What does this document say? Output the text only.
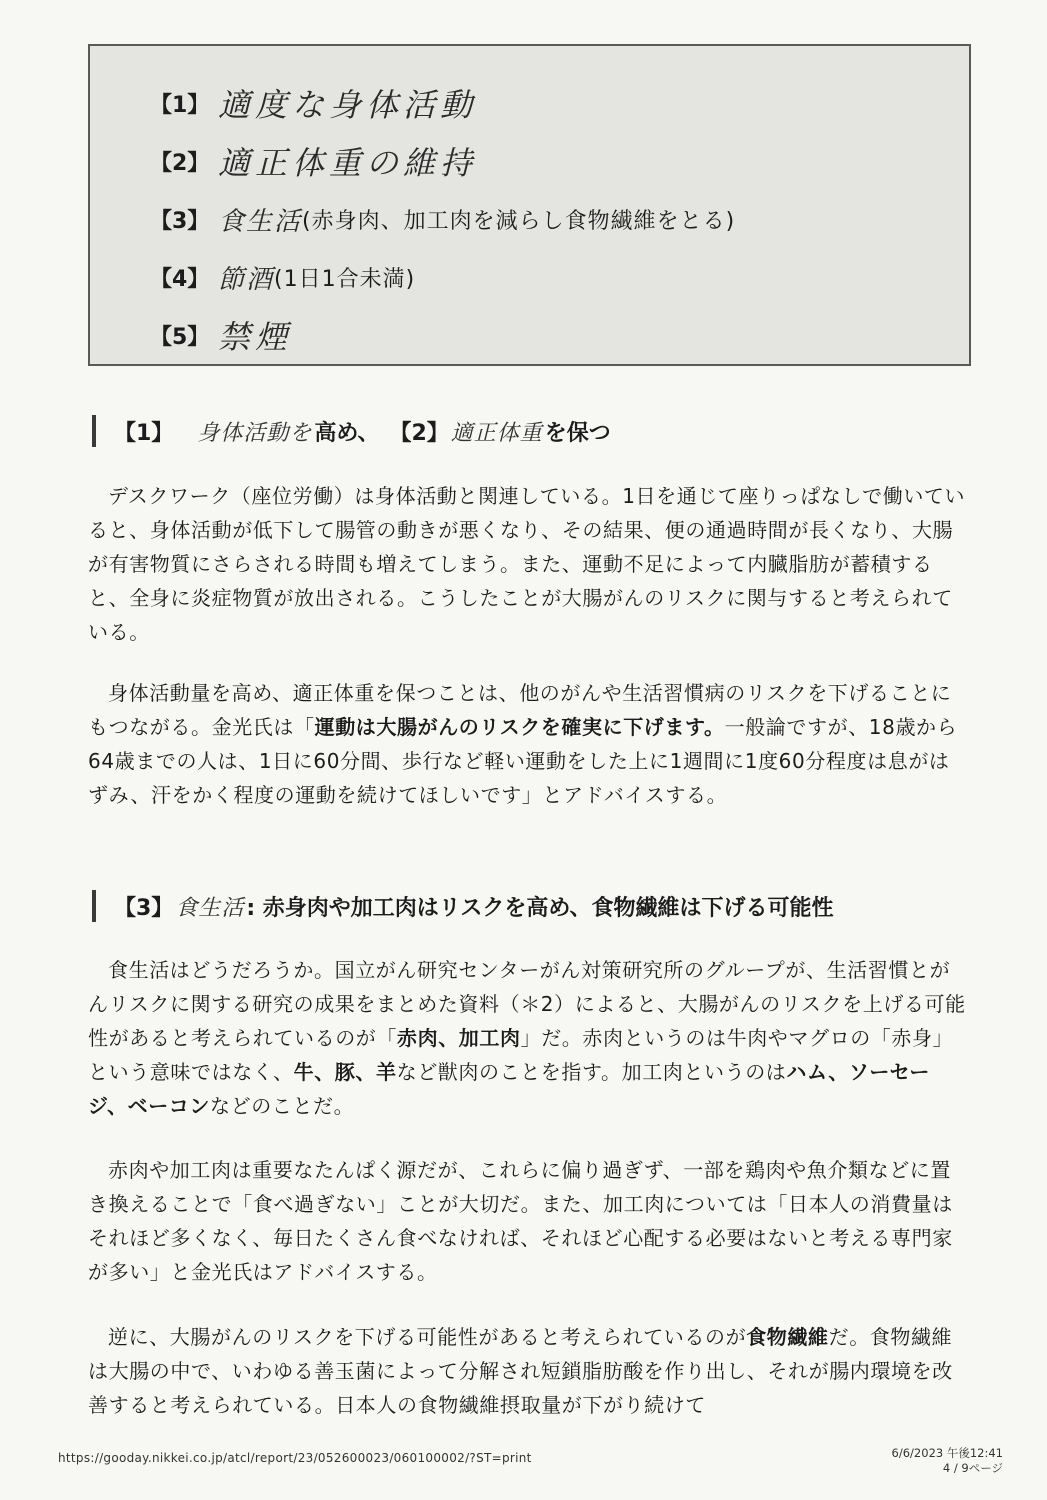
【1】 適度な身体活動
【2】 適正体重の維持
【3】 食生活 (赤身肉、加工肉を減らし食物繊維をとる)
【4】 節酒 (1日1合未満)
【5】 禁煙
【1】 身体活動を 高め、 【2】 適正体重 を保つ

デスクワーク（座位労働）は身体活動と関連している。1日を通じて座りっぱなしで働いていると、身体活動が低下して腸管の動きが悪くなり、その結果、便の通過時間が長くなり、大腸が有害物質にさらされる時間も増えてしまう。また、運動不足によって内臓脂肪が蓄積すると、全身に炎症物質が放出される。こうしたことが大腸がんのリスクに関与すると考えられている。

身体活動量を高め、適正体重を保つことは、他のがんや生活習慣病のリスクを下げることにもつながる。金光氏は「運動は大腸がんのリスクを確実に下げます。一般論ですが、18歳から64歳までの人は、1日に60分間、歩行など軽い運動をした上に1週間に1度60分程度は息がはずみ、汗をかく程度の運動を続けてほしいです」とアドバイスする。

【3】 食生活 : 赤身肉や加工肉はリスクを高め、食物繊維は下げる可能性

食生活はどうだろうか。国立がん研究センターがん対策研究所のグループが、生活習慣とがんリスクに関する研究の成果をまとめた資料（＊2）によると、大腸がんのリスクを上げる可能性があると考えられているのが「赤肉、加工肉」だ。赤肉というのは牛肉やマグロの「赤身」という意味ではなく、牛、豚、羊など獣肉のことを指す。加工肉というのはハム、ソーセージ、ベーコンなどのことだ。

赤肉や加工肉は重要なたんぱく源だが、これらに偏り過ぎず、一部を鶏肉や魚介類などに置き換えることで「食べ過ぎない」ことが大切だ。また、加工肉については「日本人の消費量はそれほど多くなく、毎日たくさん食べなければ、それほど心配する必要はないと考える専門家が多い」と金光氏はアドバイスする。

逆に、大腸がんのリスクを下げる可能性があると考えられているのが食物繊維だ。食物繊維は大腸の中で、いわゆる善玉菌によって分解され短鎖脂肪酸を作り出し、それが腸内環境を改善すると考えられている。日本人の食物繊維摂取量が下がり続けて

https://gooday.nikkei.co.jp/atcl/report/23/052600023/060100002/?ST=print	6/6/2023 午後12:41
4 / 9ページ
